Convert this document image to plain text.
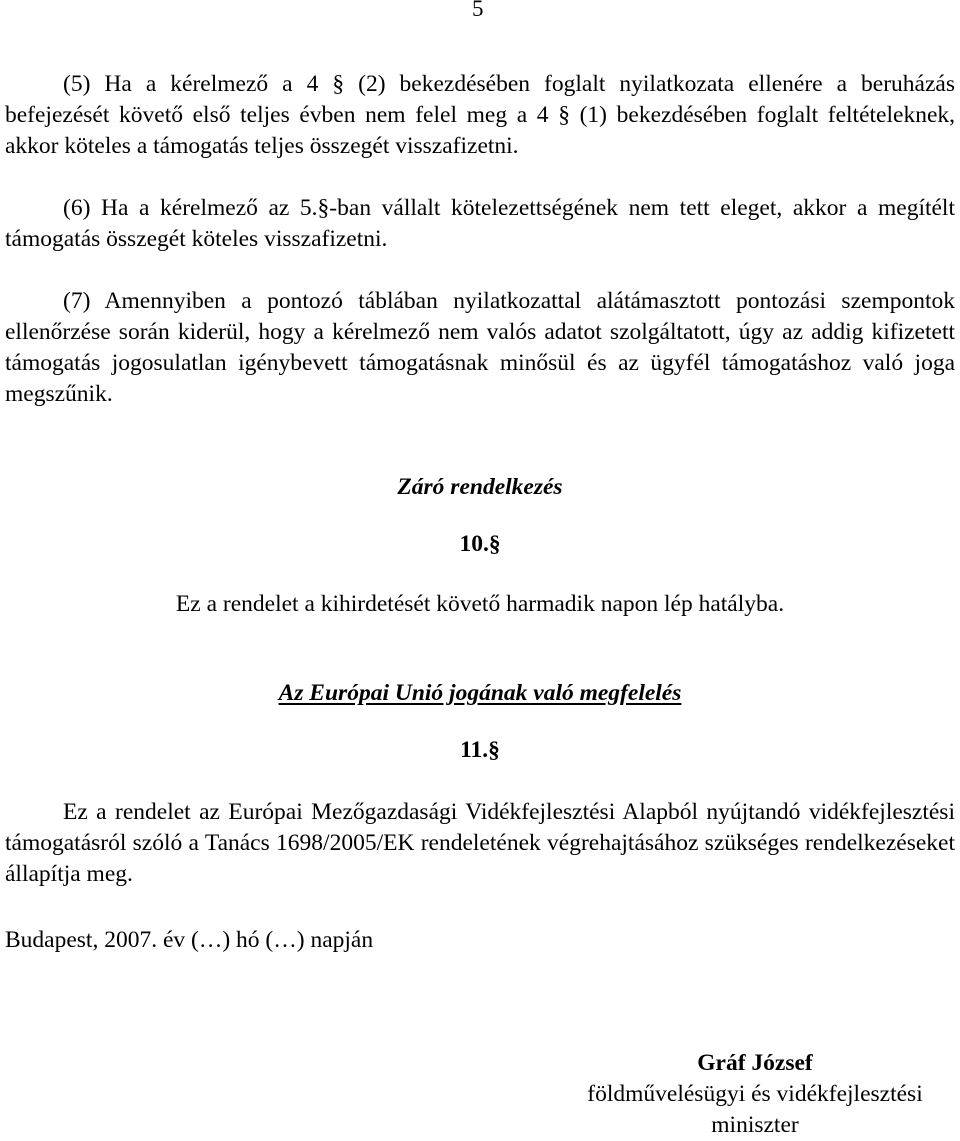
5

(5) Ha a kérelmező a 4 § (2) bekezdésében foglalt nyilatkozata ellenére a beruházás befejezését követő első teljes évben nem felel meg a 4 § (1) bekezdésében foglalt feltételeknek, akkor köteles a támogatás teljes összegét visszafizetni.

(6) Ha a kérelmező az 5.§-ban vállalt kötelezettségének nem tett eleget, akkor a megítélt támogatás összegét köteles visszafizetni.

(7) Amennyiben a pontozó táblában nyilatkozattal alátámasztott pontozási szempontok ellenőrzése során kiderül, hogy a kérelmező nem valós adatot szolgáltatott, úgy az addig kifizetett támogatás jogosulatlan igénybevett támogatásnak minősül és az ügyfél támogatáshoz való joga megszűnik.

Záró rendelkezés
10.§
Ez a rendelet a kihirdetését követő harmadik napon lép hatályba.
Az Európai Unió jogának való megfelelés
11.§

Ez a rendelet az Európai Mezőgazdasági Vidékfejlesztési Alapból nyújtandó vidékfejlesztési támogatásról szóló a Tanács 1698/2005/EK rendeletének végrehajtásához szükséges rendelkezéseket állapítja meg.

Budapest, 2007. év (…) hó (…) napján

Gráf József
földművelésügyi és vidékfejlesztési
miniszter
